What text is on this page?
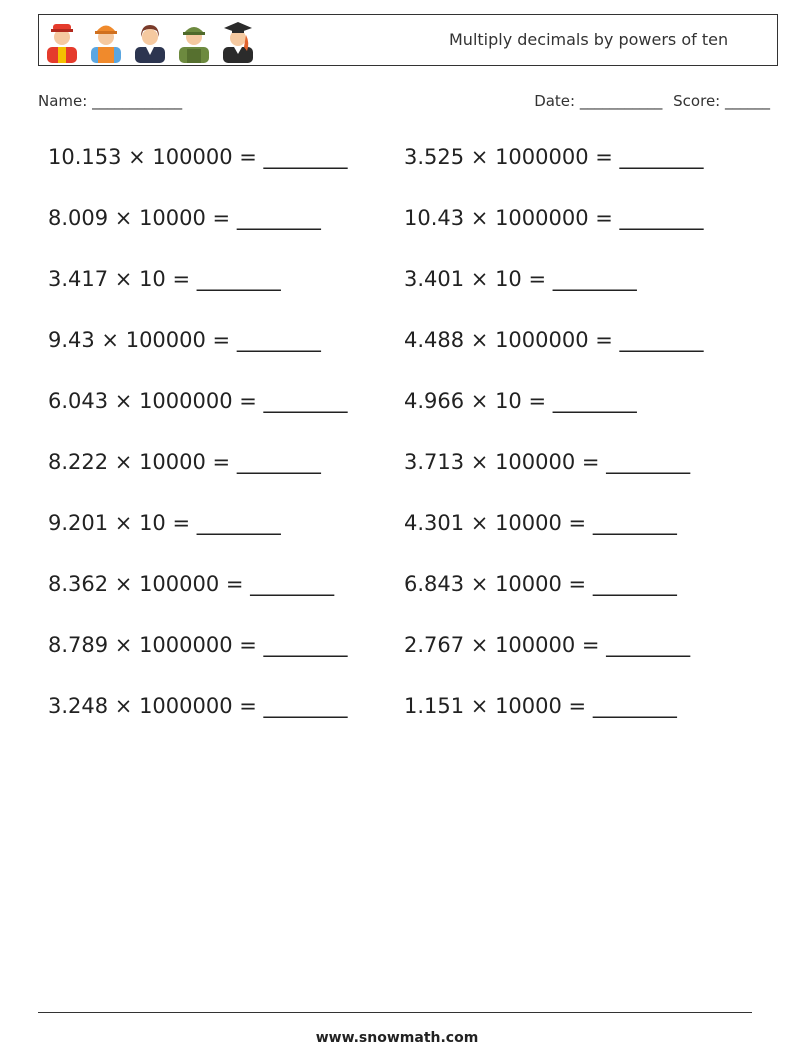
Multiply decimals by powers of ten
Name: ____________	Date: ___________ Score: ______
10.153 × 100000 = ________	3.525 × 1000000 = ________
8.009 × 10000 = ________	10.43 × 1000000 = ________
3.417 × 10 = ________	3.401 × 10 = ________
9.43 × 100000 = ________	4.488 × 1000000 = ________
6.043 × 1000000 = ________	4.966 × 10 = ________
8.222 × 10000 = ________	3.713 × 100000 = ________
9.201 × 10 = ________	4.301 × 10000 = ________
8.362 × 100000 = ________	6.843 × 10000 = ________
8.789 × 1000000 = ________	2.767 × 100000 = ________
3.248 × 1000000 = ________	1.151 × 10000 = ________
www.snowmath.com
